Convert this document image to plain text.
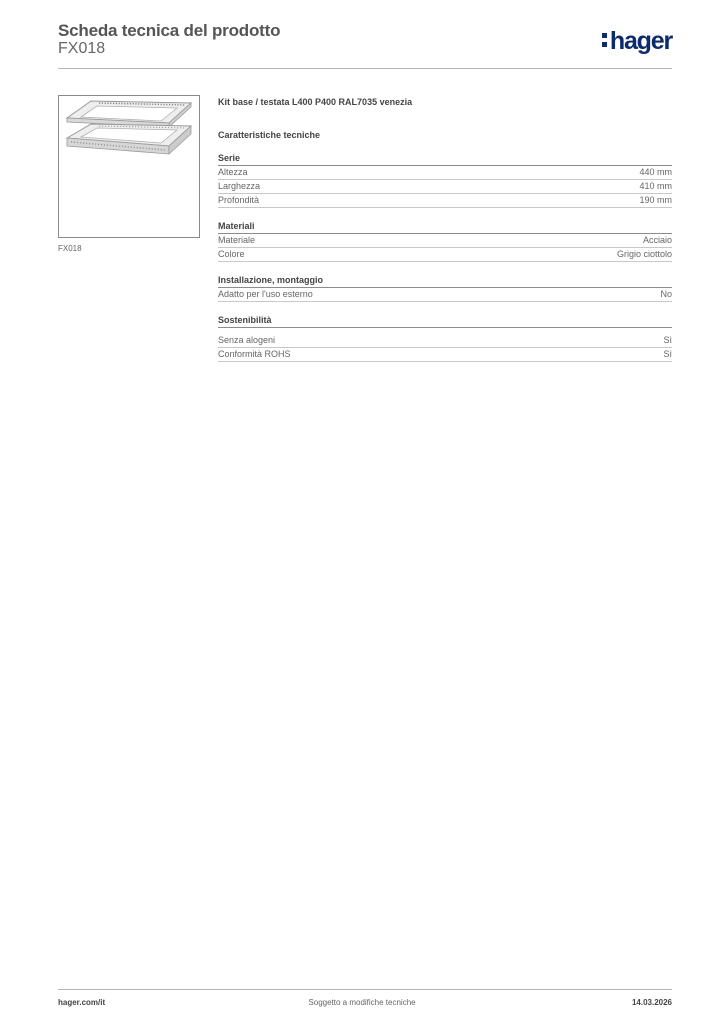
Scheda tecnica del prodotto
FX018	hager
FX018
Kit base / testata L400 P400 RAL7035 venezia
Caratteristiche tecniche
Serie
Altezza	440 mm
Larghezza	410 mm
Profondità	190 mm
Materiali
Materiale	Acciaio
Colore	Grigio ciottolo
Installazione, montaggio
Adatto per l'uso esterno	No
Sostenibilità
Senza alogeni	Sì
Conformità ROHS	Sì
hager.com/it	Soggetto a modifiche tecniche	14.03.2026
